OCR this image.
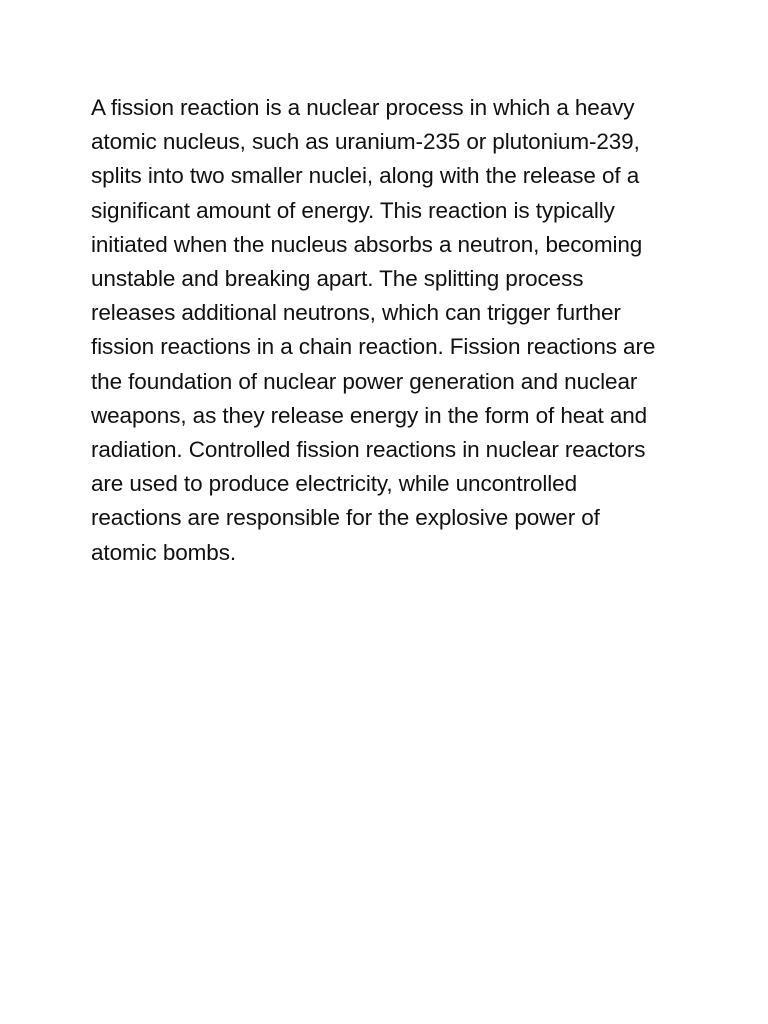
A fission reaction is a nuclear process in which a heavy
atomic nucleus, such as uranium-235 or plutonium-239,
splits into two smaller nuclei, along with the release of a
significant amount of energy. This reaction is typically
initiated when the nucleus absorbs a neutron, becoming
unstable and breaking apart. The splitting process
releases additional neutrons, which can trigger further
fission reactions in a chain reaction. Fission reactions are
the foundation of nuclear power generation and nuclear
weapons, as they release energy in the form of heat and
radiation. Controlled fission reactions in nuclear reactors
are used to produce electricity, while uncontrolled
reactions are responsible for the explosive power of
atomic bombs.
